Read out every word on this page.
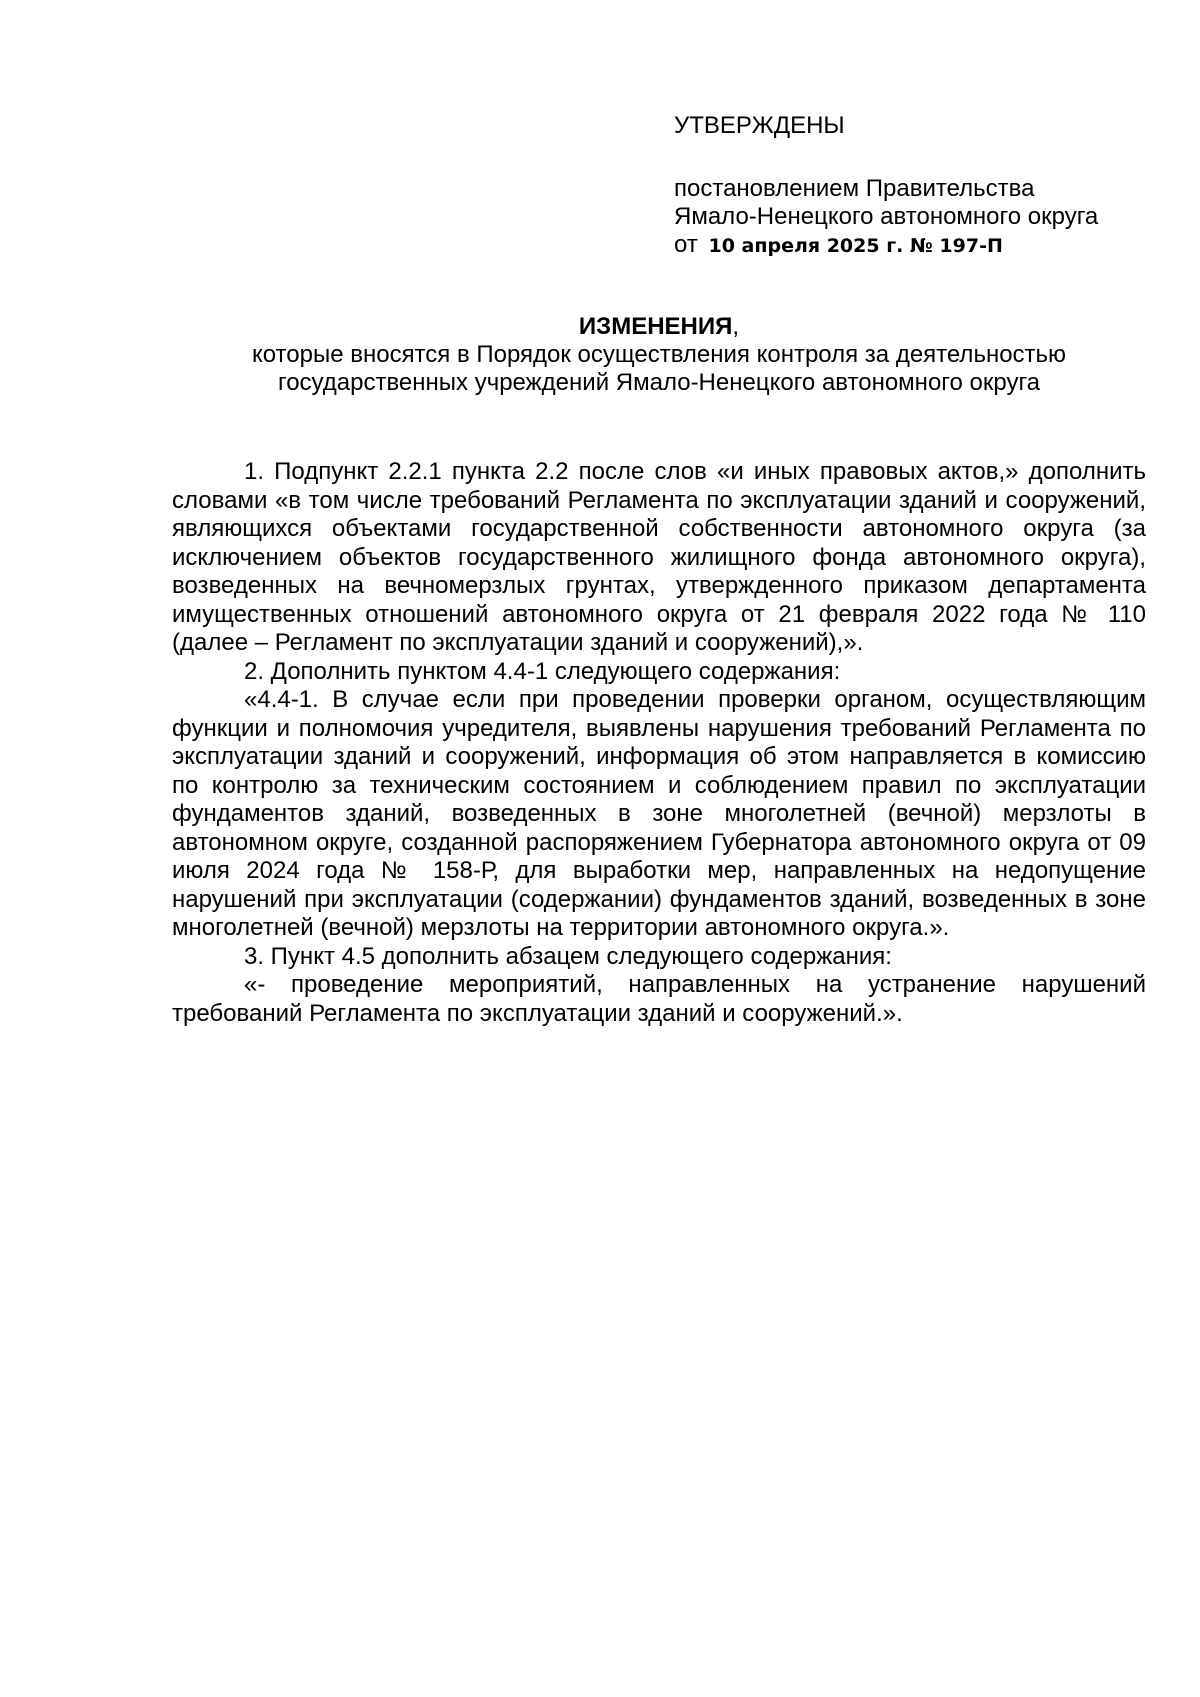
УТВЕРЖДЕНЫ
постановлением Правительства
Ямало-Ненецкого автономного округа
от 10 апреля 2025 г. № 197-П
ИЗМЕНЕНИЯ,
которые вносятся в Порядок осуществления контроля за деятельностью
государственных учреждений Ямало-Ненецкого автономного округа

1. Подпункт 2.2.1 пункта 2.2 после слов «и иных правовых актов,» дополнить словами «в том числе требований Регламента по эксплуатации зданий и сооружений, являющихся объектами государственной собственности автономного округа (за исключением объектов государственного жилищного фонда автономного округа), возведенных на вечномерзлых грунтах, утвержденного приказом департамента имущественных отношений автономного округа от 21 февраля 2022 года № 110 (далее – Регламент по эксплуатации зданий и сооружений),».

2. Дополнить пунктом 4.4-1 следующего содержания:

«4.4-1. В случае если при проведении проверки органом, осуществляющим функции и полномочия учредителя, выявлены нарушения требований Регламента по эксплуатации зданий и сооружений, информация об этом направляется в комиссию по контролю за техническим состоянием и соблюдением правил по эксплуатации фундаментов зданий, возведенных в зоне многолетней (вечной) мерзлоты в автономном округе, созданной распоряжением Губернатора автономного округа от 09 июля 2024 года № 158-Р, для выработки мер, направленных на недопущение нарушений при эксплуатации (содержании) фундаментов зданий, возведенных в зоне многолетней (вечной) мерзлоты на территории автономного округа.».

3. Пункт 4.5 дополнить абзацем следующего содержания:

«- проведение мероприятий, направленных на устранение нарушений требований Регламента по эксплуатации зданий и сооружений.».
